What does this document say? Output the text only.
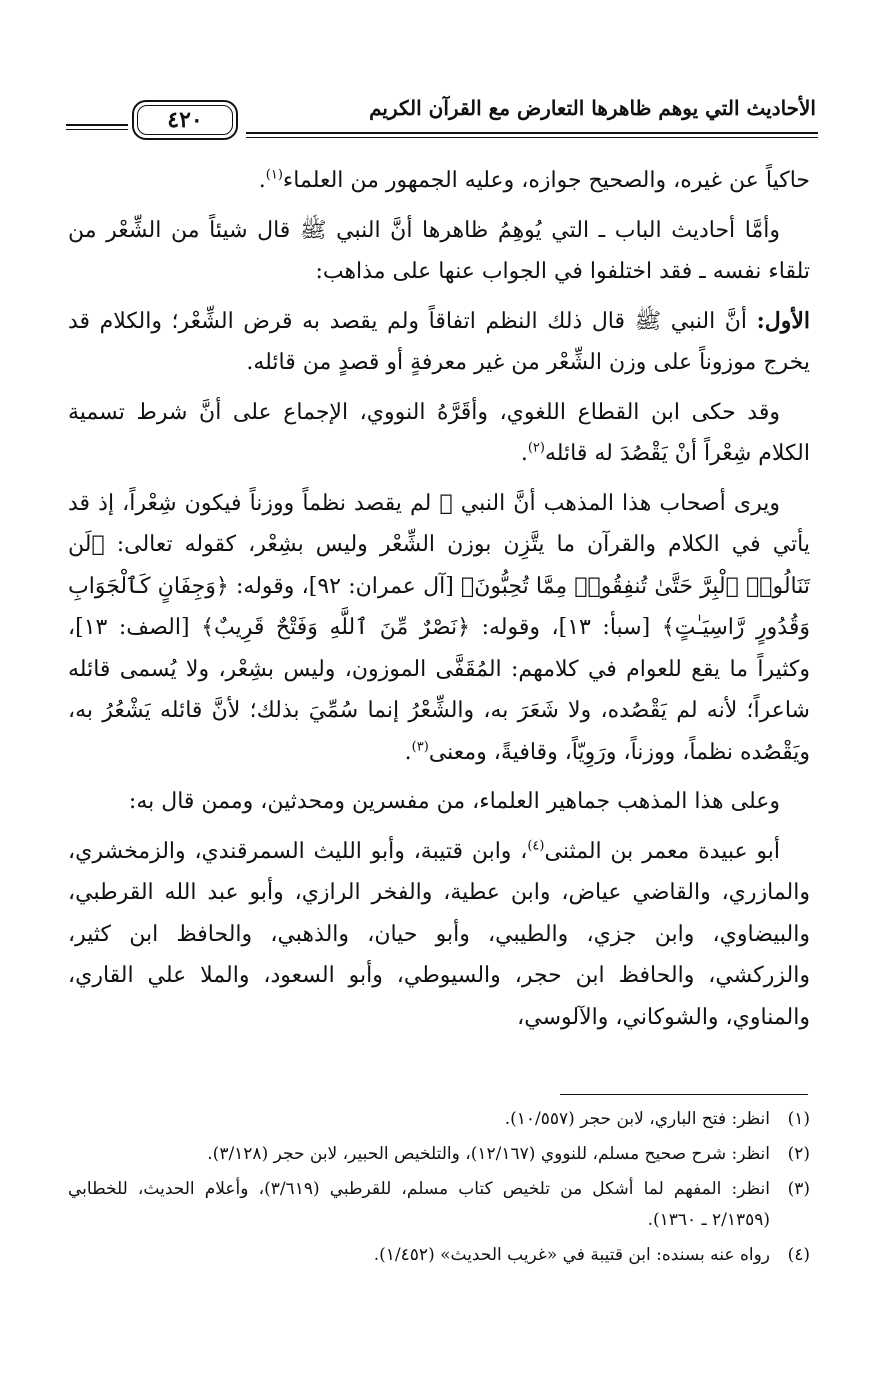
الأحاديث التي يوهم ظاهرها التعارض مع القرآن الكريم
٤٢٠

حاكياً عن غيره، والصحيح جوازه، وعليه الجمهور من العلماء$^{(١)}$.

وأمَّا أحاديث الباب ـ التي يُوهِمُ ظاهرها أنَّ النبي ﷺ قال شيئاً من الشِّعْر من تلقاء نفسه ـ فقد اختلفوا في الجواب عنها على مذاهب:

الأول: أنَّ النبي ﷺ قال ذلك النظم اتفاقاً ولم يقصد به قرض الشِّعْر؛ والكلام قد يخرج موزوناً على وزن الشِّعْر من غير معرفةٍ أو قصدٍ من قائله.

وقد حكى ابن القطاع اللغوي، وأقَرَّهُ النووي، الإجماع على أنَّ شرط تسمية الكلام شِعْراً أنْ يَقْصُدَ له قائله$^{(٢)}$.

ويرى أصحاب هذا المذهب أنَّ النبي ﷺ لم يقصد نظماً ووزناً فيكون شِعْراً، إذ قد يأتي في الكلام والقرآن ما يتَّزِن بوزن الشِّعْر وليس بشِعْر، كقوله تعالى: ﴿لَن تَنَالُوا۟ ٱلْبِرَّ حَتَّىٰ تُنفِقُوا۟ مِمَّا تُحِبُّونَ﴾ [آل عمران: ٩٢]، وقوله: ﴿وَجِفَانٍ كَٱلْجَوَابِ وَقُدُورٍ رَّاسِيَـٰتٍ﴾ [سبأ: ١٣]، وقوله: ﴿نَصْرٌ مِّنَ ٱللَّهِ وَفَتْحٌ قَرِيبٌ﴾ [الصف: ١٣]، وكثيراً ما يقع للعوام في كلامهم: المُقَفَّى الموزون، وليس بشِعْر، ولا يُسمى قائله شاعراً؛ لأنه لم يَقْصُده، ولا شَعَرَ به، والشِّعْرُ إنما سُمِّيَ بذلك؛ لأنَّ قائله يَشْعُرُ به، ويَقْصُده نظماً، ووزناً، ورَوِيّاً، وقافيةً، ومعنى$^{(٣)}$.

وعلى هذا المذهب جماهير العلماء، من مفسرين ومحدثين، وممن قال به:

أبو عبيدة معمر بن المثنى$^{(٤)}$، وابن قتيبة، وأبو الليث السمرقندي، والزمخشري، والمازري، والقاضي عياض، وابن عطية، والفخر الرازي، وأبو عبد الله القرطبي، والبيضاوي، وابن جزي، والطيبي، وأبو حيان، والذهبي، والحافظ ابن كثير، والزركشي، والحافظ ابن حجر، والسيوطي، وأبو السعود، والملا علي القاري، والمناوي، والشوكاني، والآلوسي،

(١)
انظر: فتح الباري، لابن حجر (١٠/٥٥٧).
(٢)
انظر: شرح صحيح مسلم، للنووي (١٢/١٦٧)، والتلخيص الحبير، لابن حجر (٣/١٢٨).
(٣)
انظر: المفهم لما أشكل من تلخيص كتاب مسلم، للقرطبي (٣/٦١٩)، وأعلام الحديث، للخطابي (٢/١٣٥٩ ـ ١٣٦٠).
(٤)
رواه عنه بسنده: ابن قتيبة في «غريب الحديث» (١/٤٥٢).
